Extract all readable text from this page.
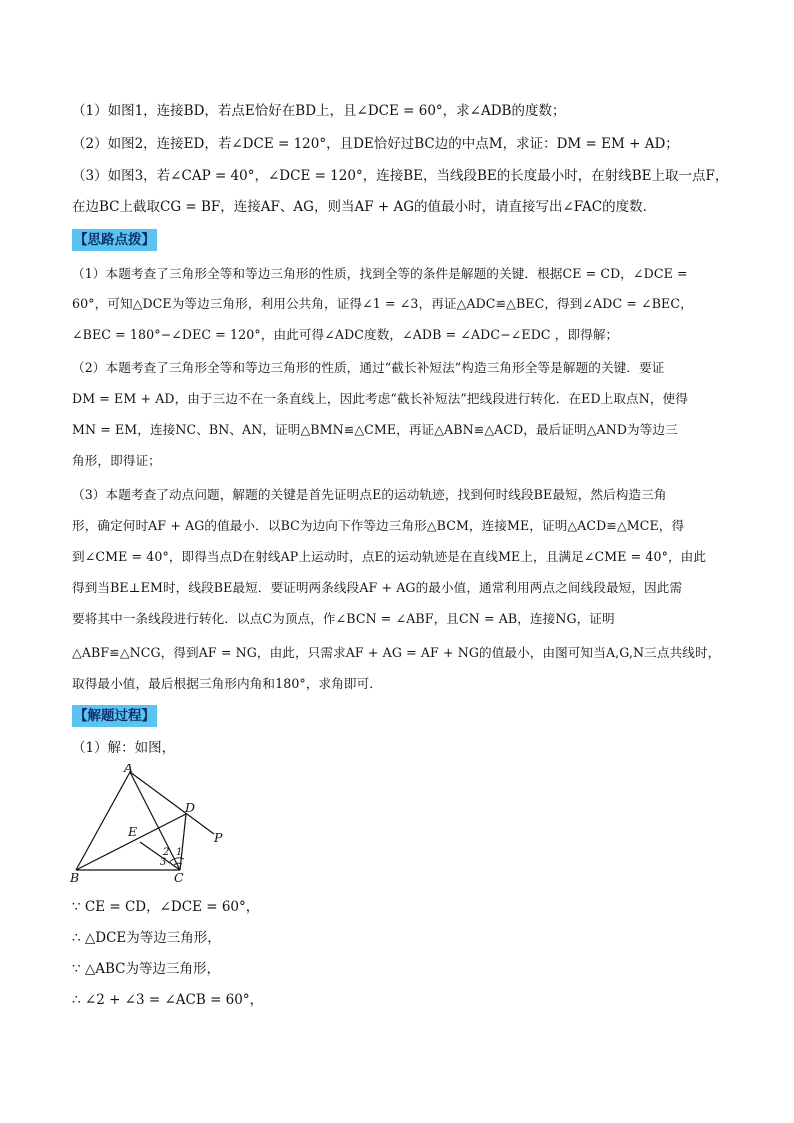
（1）如图1，连接BD，若点E恰好在BD上，且∠DCE = 60°，求∠ADB的度数；
（2）如图2，连接ED，若∠DCE = 120°，且DE恰好过BC边的中点M，求证：DM = EM + AD；
（3）如图3，若∠CAP = 40°，∠DCE = 120°，连接BE，当线段BE的长度最小时，在射线BE上取一点F，
在边BC上截取CG = BF，连接AF、AG，则当AF + AG的值最小时，请直接写出∠FAC的度数．
【思路点拨】
（1）本题考查了三角形全等和等边三角形的性质，找到全等的条件是解题的关键．根据CE = CD，∠DCE =
60°，可知△DCE为等边三角形，利用公共角，证得∠1 = ∠3，再证△ADC≌△BEC，得到∠ADC = ∠BEC，
∠BEC = 180°−∠DEC = 120°，由此可得∠ADC度数，∠ADB = ∠ADC−∠EDC ，即得解；
（2）本题考查了三角形全等和等边三角形的性质，通过“截长补短法”构造三角形全等是解题的关键．要证
DM = EM + AD，由于三边不在一条直线上，因此考虑“截长补短法”把线段进行转化．在ED上取点N，使得
MN = EM，连接NC、BN、AN，证明△BMN≌△CME，再证△ABN≌△ACD，最后证明△AND为等边三
角形，即得证；
（3）本题考查了动点问题，解题的关键是首先证明点E的运动轨迹，找到何时线段BE最短，然后构造三角
形，确定何时AF + AG的值最小．以BC为边向下作等边三角形△BCM，连接ME，证明△ACD≌△MCE，得
到∠CME = 40°，即得当点D在射线AP上运动时，点E的运动轨迹是在直线ME上，且满足∠CME = 40°，由此
得到当BE⊥EM时，线段BE最短．要证明两条线段AF + AG的最小值，通常利用两点之间线段最短，因此需
要将其中一条线段进行转化．以点C为顶点，作∠BCN = ∠ABF，且CN = AB，连接NG，证明
△ABF≌△NCG，得到AF = NG，由此，只需求AF + AG = AF + NG的值最小，由图可知当A,G,N三点共线时，
取得最小值，最后根据三角形内角和180°，求角即可．
【解题过程】
（1）解：如图，
A
B	C
D
E	P
1
2
3
∵ CE = CD，∠DCE = 60°，
∴ △DCE为等边三角形，
∵ △ABC为等边三角形，
∴ ∠2 + ∠3 = ∠ACB = 60°，
